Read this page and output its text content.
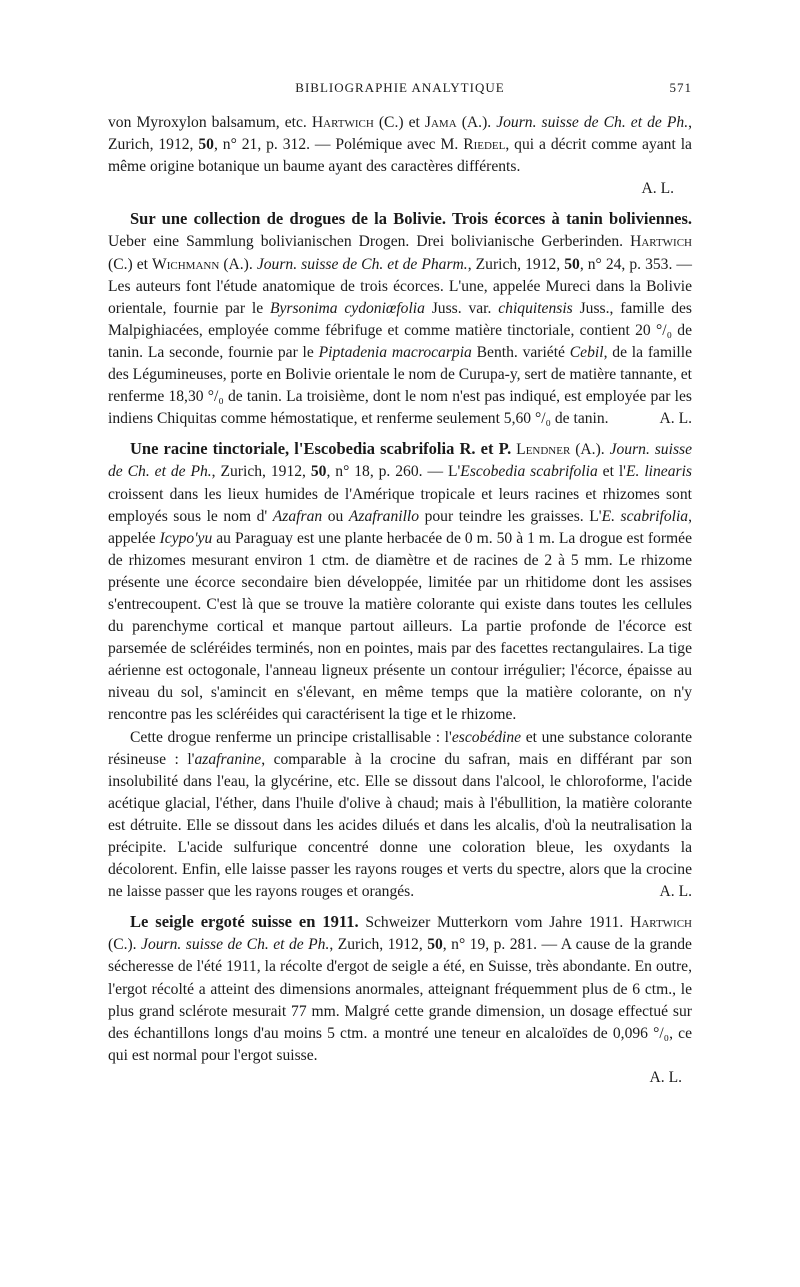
BIBLIOGRAPHIE ANALYTIQUE	571

von Myroxylon balsamum, etc. Hartwich (C.) et Jama (A.). Journ. suisse de Ch. et de Ph., Zurich, 1912, 50, n° 21, p. 312. — Polémique avec M. Riedel, qui a décrit comme ayant la même origine botanique un baume ayant des caractères différents.

A. L.

Sur une collection de drogues de la Bolivie. Trois écorces à tanin boliviennes. Ueber eine Sammlung bolivianischen Drogen. Drei bolivianische Gerberinden. Hartwich (C.) et Wichmann (A.). Journ. suisse de Ch. et de Pharm., Zurich, 1912, 50, n° 24, p. 353. — Les auteurs font l'étude anatomique de trois écorces. L'une, appelée Mureci dans la Bolivie orientale, fournie par le Byrsonima cydoniœfolia Juss. var. chiquitensis Juss., famille des Malpighiacées, employée comme fébrifuge et comme matière tinctoriale, contient 20 °/₀ de tanin. La seconde, fournie par le Piptadenia macrocarpia Benth. variété Cebil, de la famille des Légumineuses, porte en Bolivie orientale le nom de Curupa-y, sert de matière tannante, et renferme 18,30 °/₀ de tanin. La troisième, dont le nom n'est pas indiqué, est employée par les indiens Chiquitas comme hémostatique, et renferme seulement 5,60 °/₀ de tanin.	A. L.

Une racine tinctoriale, l'Escobedia scabrifolia R. et P. Lendner (A.). Journ. suisse de Ch. et de Ph., Zurich, 1912, 50, n° 18, p. 260. — L'Escobedia scabrifolia et l'E. linearis croissent dans les lieux humides de l'Amérique tropicale et leurs racines et rhizomes sont employés sous le nom d' Azafran ou Azafranillo pour teindre les graisses. L'E. scabrifolia, appelée Icypo'yu au Paraguay est une plante herbacée de 0 m. 50 à 1 m. La drogue est formée de rhizomes mesurant environ 1 ctm. de diamètre et de racines de 2 à 5 mm. Le rhizome présente une écorce secondaire bien développée, limitée par un rhitidome dont les assises s'entrecoupent. C'est là que se trouve la matière colorante qui existe dans toutes les cellules du parenchyme cortical et manque partout ailleurs. La partie profonde de l'écorce est parsemée de scléréides terminés, non en pointes, mais par des facettes rectangulaires. La tige aérienne est octogonale, l'anneau ligneux présente un contour irrégulier; l'écorce, épaisse au niveau du sol, s'amincit en s'élevant, en même temps que la matière colorante, on n'y rencontre pas les scléréides qui caractérisent la tige et le rhizome.

Cette drogue renferme un principe cristallisable : l'escobédine et une substance colorante résineuse : l'azafranine, comparable à la crocine du safran, mais en différant par son insolubilité dans l'eau, la glycérine, etc. Elle se dissout dans l'alcool, le chloroforme, l'acide acétique glacial, l'éther, dans l'huile d'olive à chaud; mais à l'ébullition, la matière colorante est détruite. Elle se dissout dans les acides dilués et dans les alcalis, d'où la neutralisation la précipite. L'acide sulfurique concentré donne une coloration bleue, les oxydants la décolorent. Enfin, elle laisse passer les rayons rouges et verts du spectre, alors que la crocine ne laisse passer que les rayons rouges et orangés.	A. L.

Le seigle ergoté suisse en 1911. Schweizer Mutterkorn vom Jahre 1911. Hartwich (C.). Journ. suisse de Ch. et de Ph., Zurich, 1912, 50, n° 19, p. 281. — A cause de la grande sécheresse de l'été 1911, la récolte d'ergot de seigle a été, en Suisse, très abondante. En outre, l'ergot récolté a atteint des dimensions anormales, atteignant fréquemment plus de 6 ctm., le plus grand sclérote mesurait 77 mm. Malgré cette grande dimension, un dosage effectué sur des échantillons longs d'au moins 5 ctm. a montré une teneur en alcaloïdes de 0,096 °/₀, ce qui est normal pour l'ergot suisse.

A. L.
